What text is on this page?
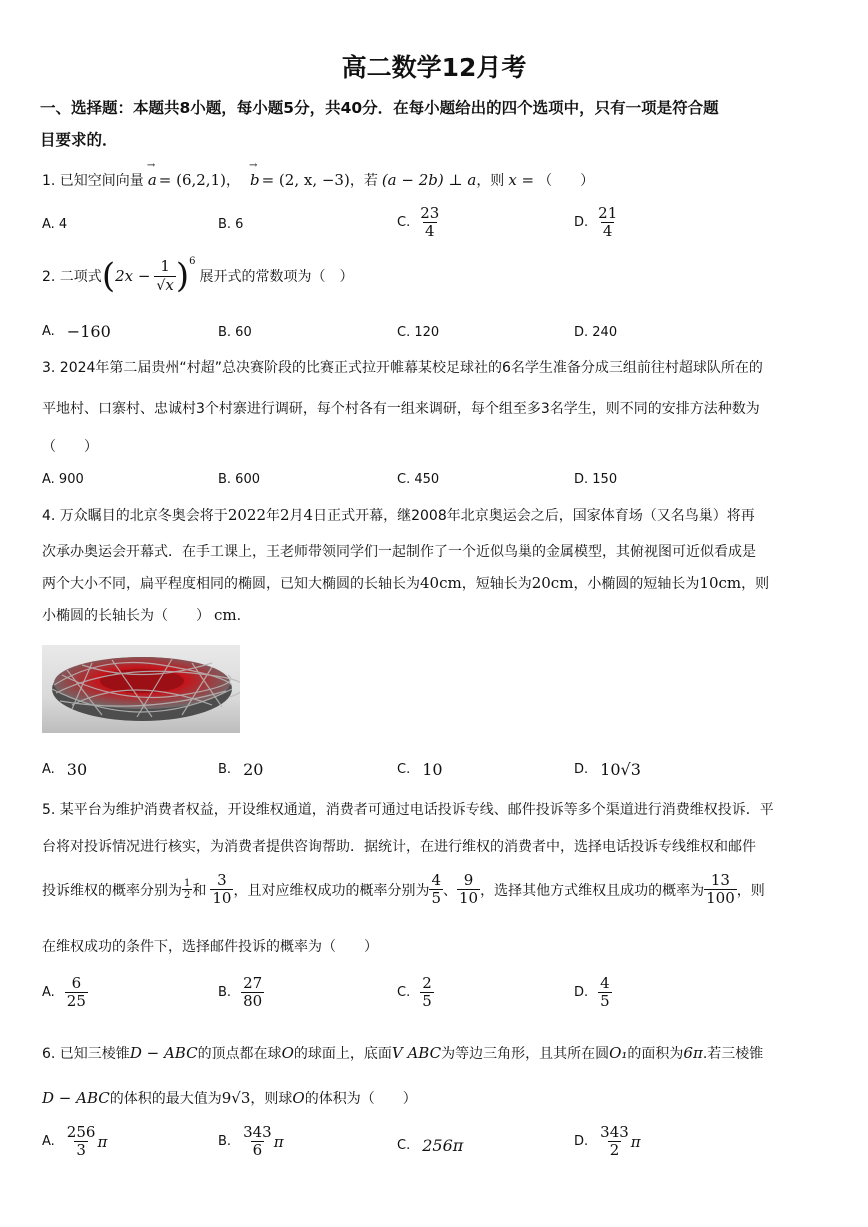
高二数学12月考
一、选择题：本题共8小题，每小题5分，共40分．在每小题给出的四个选项中，只有一项是符合题
目要求的．
1. 已知空间向量 → a = (6,2,1) ， → b = (2, x, −3) ，若 (a − 2b) ⊥ a ，则 x = （　　）
A. 4	B. 6	C. $\frac{23}{4}$	D. $\frac{21}{4}$
2. 二项式 ( $2x - \frac{1}{√x}$ ) 6
展开式的常数项为（　）
A. −160	B. 60	C. 120	D. 240
3. 2024年第二届贵州“村超”总决赛阶段的比赛正式拉开帷幕某校足球社的6名学生准备分成三组前往村超球队所在的
平地村、口寨村、忠诚村3个村寨进行调研，每个村各有一组来调研，每个组至多3名学生，则不同的安排方法种数为
（　　）
A. 900	B. 600	C. 450	D. 150
4. 万众瞩目的北京冬奥会将于 2022 年 2 月 4 日正式开幕，继2008年北京奥运会之后，国家体育场（又名鸟巢）将再
次承办奥运会开幕式．在手工课上，王老师带领同学们一起制作了一个近似鸟巢的金属模型，其俯视图可近似看成是
两个大小不同，扁平程度相同的椭圆，已知大椭圆的长轴长为 40cm ，短轴长为 20cm ，小椭圆的短轴长为 10cm ，则
小椭圆的长轴长为（　　） cm .
A. 30	B. 20	C. 10	D. 10√3
5. 某平台为维护消费者权益，开设维权通道，消费者可通过电话投诉专线、邮件投诉等多个渠道进行消费维权投诉．平
台将对投诉情况进行核实，为消费者提供咨询帮助．据统计，在进行维权的消费者中，选择电话投诉专线维权和邮件
投诉维权的概率分别为 $\frac{1}{2}$ 和 $\frac{3}{10}$ ，且对应维权成功的概率分别为 $\frac{4}{5}$ 、 $\frac{9}{10}$ ，选择其他方式维权且成功的概率为 $\frac{13}{100}$ ，则
在维权成功的条件下，选择邮件投诉的概率为（　　）
A. $\frac{6}{25}$	B. $\frac{27}{80}$	C. $\frac{2}{5}$	D. $\frac{4}{5}$
6. 已知三棱锥 D − ABC 的顶点都在球 O 的球面上，底面 V ABC 为等边三角形，且其所在圆 O₁ 的面积为 6π .若三棱锥
D − ABC 的体积的最大值为 9√3 ，则球 O 的体积为（　　）
A. $\frac{256}{3}$ π	B. $\frac{343}{6}$ π	C. 256π	D. $\frac{343}{2}$ π
